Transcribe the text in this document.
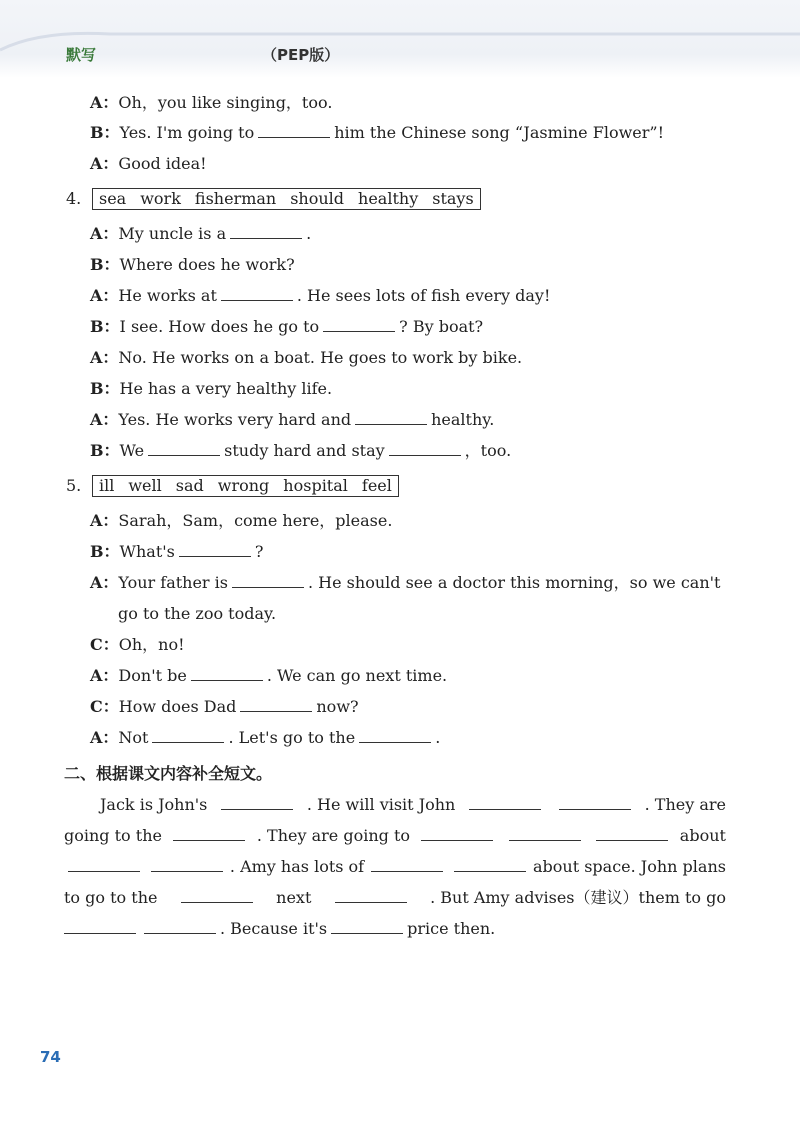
默写	（PEP版）
A：Oh，you like singing，too.
B：Yes. I'm going to	him the Chinese song “Jasmine Flower”!
A：Good idea!
4.	sea work fisherman should healthy stays
A：My uncle is a	.
B：Where does he work?
A：He works at	. He sees lots of fish every day!
B：I see. How does he go to	? By boat?
A：No. He works on a boat. He goes to work by bike.
B：He has a very healthy life.
A：Yes. He works very hard and	healthy.
B：We	study hard and stay	，too.
5.	ill well sad wrong hospital feel
A：Sarah，Sam，come here，please.
B：What's	?
A：Your father is	. He should see a doctor this morning，so we can't
go to the zoo today.
C：Oh，no!
A：Don't be	. We can go next time.
C：How does Dad	now?
A：Not	. Let's go to the	.
二、根据课文内容补全短文。
Jack is John's	. He will visit John	. They are
going to the	. They are going to	about
. Amy has lots of	about space. John plans
to go to the	next	. But Amy advises（建议）them to go
. Because it's	price then.
74
